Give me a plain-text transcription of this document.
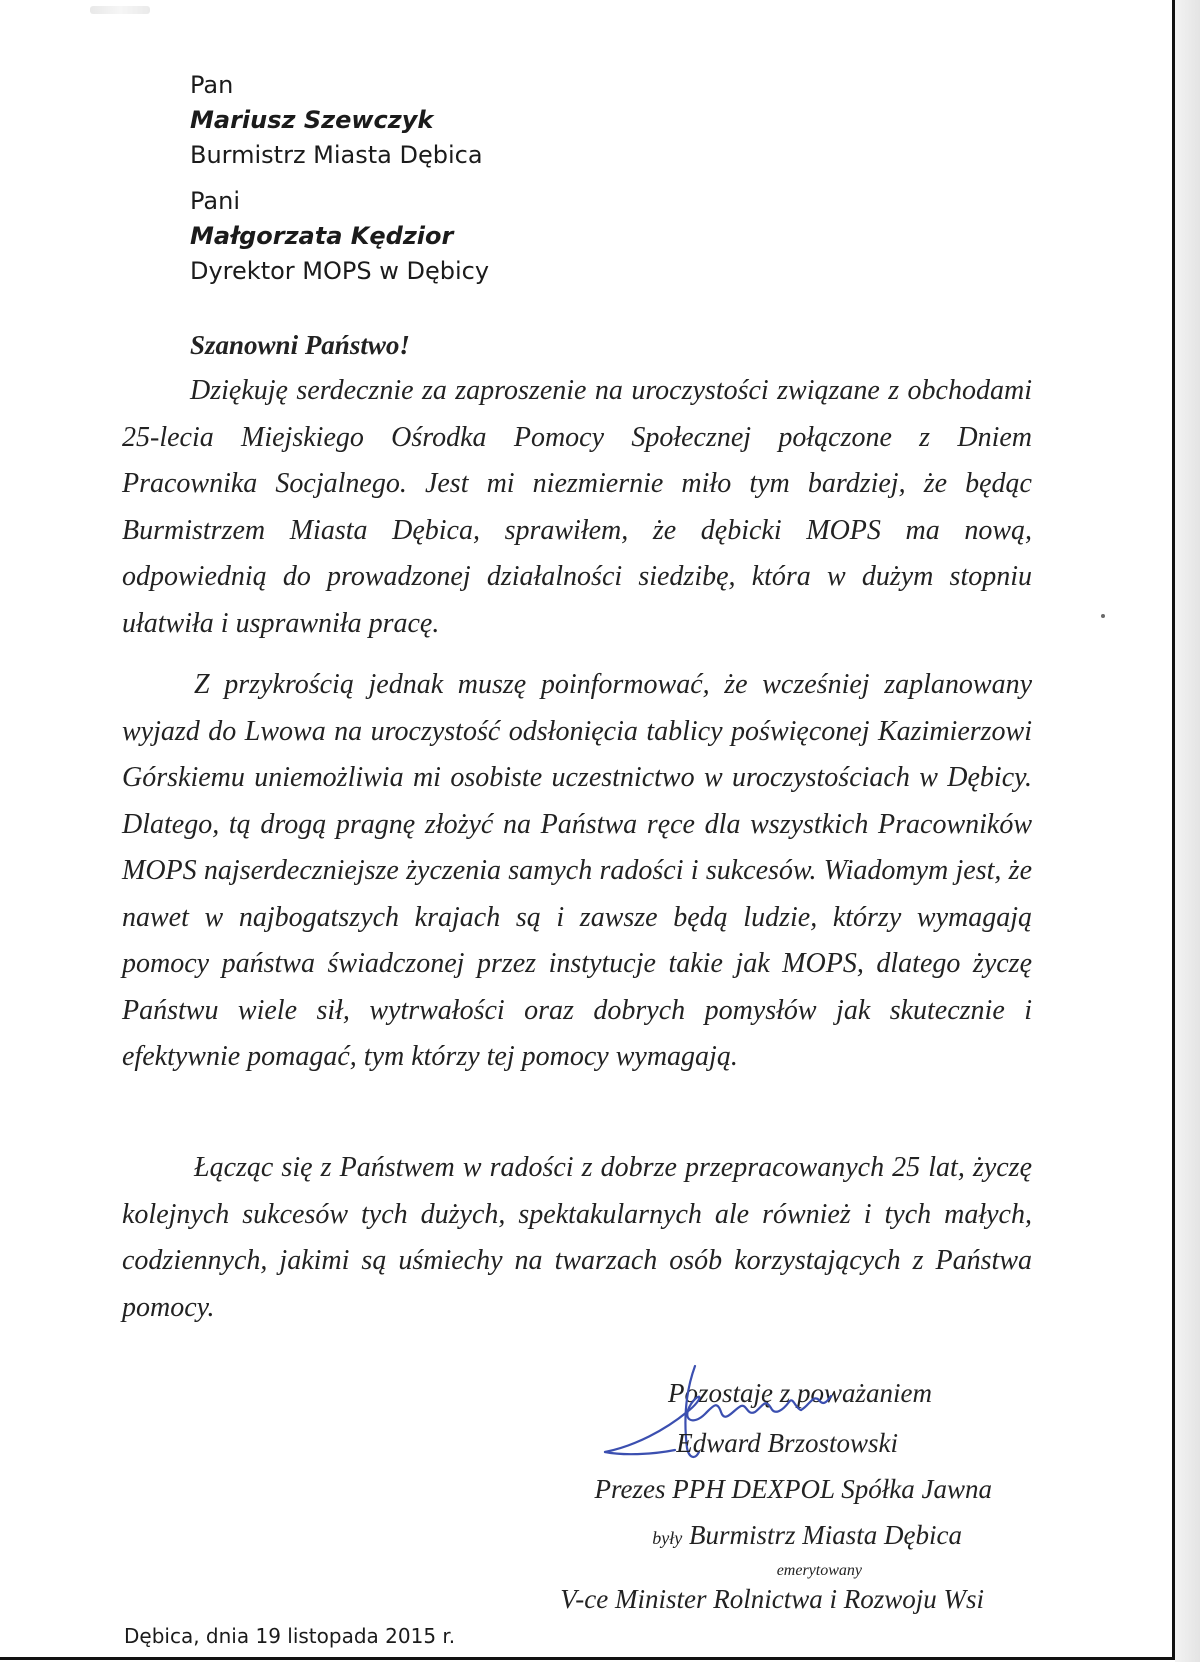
Pan
Mariusz Szewczyk
Burmistrz Miasta Dębica
Pani
Małgorzata Kędzior
Dyrektor MOPS w Dębicy
Szanowni Państwo!

Dziękuję serdecznie za zaproszenie na uroczystości związane z obchodami 25-lecia Miejskiego Ośrodka Pomocy Społecznej połączone z Dniem Pracownika Socjalnego. Jest mi niezmiernie miło tym bardziej, że będąc Burmistrzem Miasta Dębica, sprawiłem, że dębicki MOPS ma nową, odpowiednią do prowadzonej działalności siedzibę, która w dużym stopniu ułatwiła i usprawniła pracę.

Z przykrością jednak muszę poinformować, że wcześniej zaplanowany wyjazd do Lwowa na uroczystość odsłonięcia tablicy poświęconej Kazimierzowi Górskiemu uniemożliwia mi osobiste uczestnictwo w uroczystościach w Dębicy. Dlatego, tą drogą pragnę złożyć na Państwa ręce dla wszystkich Pracowników MOPS najserdeczniejsze życzenia samych radości i sukcesów. Wiadomym jest, że nawet w najbogatszych krajach są i zawsze będą ludzie, którzy wymagają pomocy państwa świadczonej przez instytucje takie jak MOPS, dlatego życzę Państwu wiele sił, wytrwałości oraz dobrych pomysłów jak skutecznie i efektywnie pomagać, tym którzy tej pomocy wymagają.

Łącząc się z Państwem w radości z dobrze przepracowanych 25 lat, życzę kolejnych sukcesów tych dużych, spektakularnych ale również i tych małych, codziennych, jakimi są uśmiechy na twarzach osób korzystających z Państwa pomocy.

Pozostaję z poważaniem
Edward Brzostowski
Prezes PPH DEXPOL Spółka Jawna
były Burmistrz Miasta Dębica
emerytowany
V-ce Minister Rolnictwa i Rozwoju Wsi
Dębica, dnia 19 listopada 2015 r.
